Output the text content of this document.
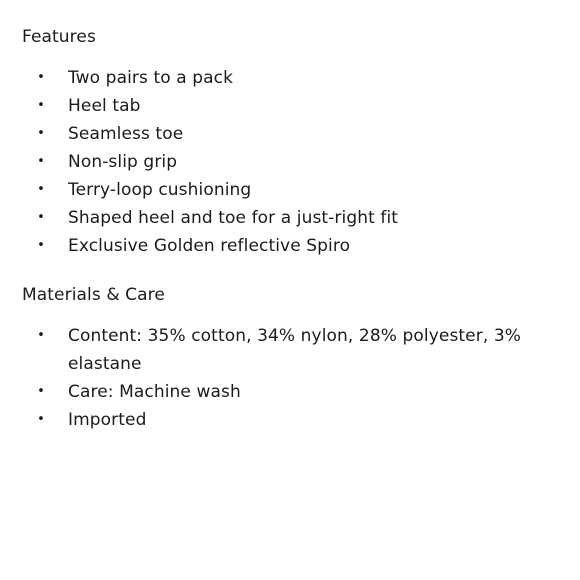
Features
• Two pairs to a pack
• Heel tab
• Seamless toe
• Non-slip grip
• Terry-loop cushioning
• Shaped heel and toe for a just-right fit
• Exclusive Golden reflective Spiro
Materials & Care
• Content: 35% cotton, 34% nylon, 28% polyester, 3% elastane
• Care: Machine wash
• Imported
